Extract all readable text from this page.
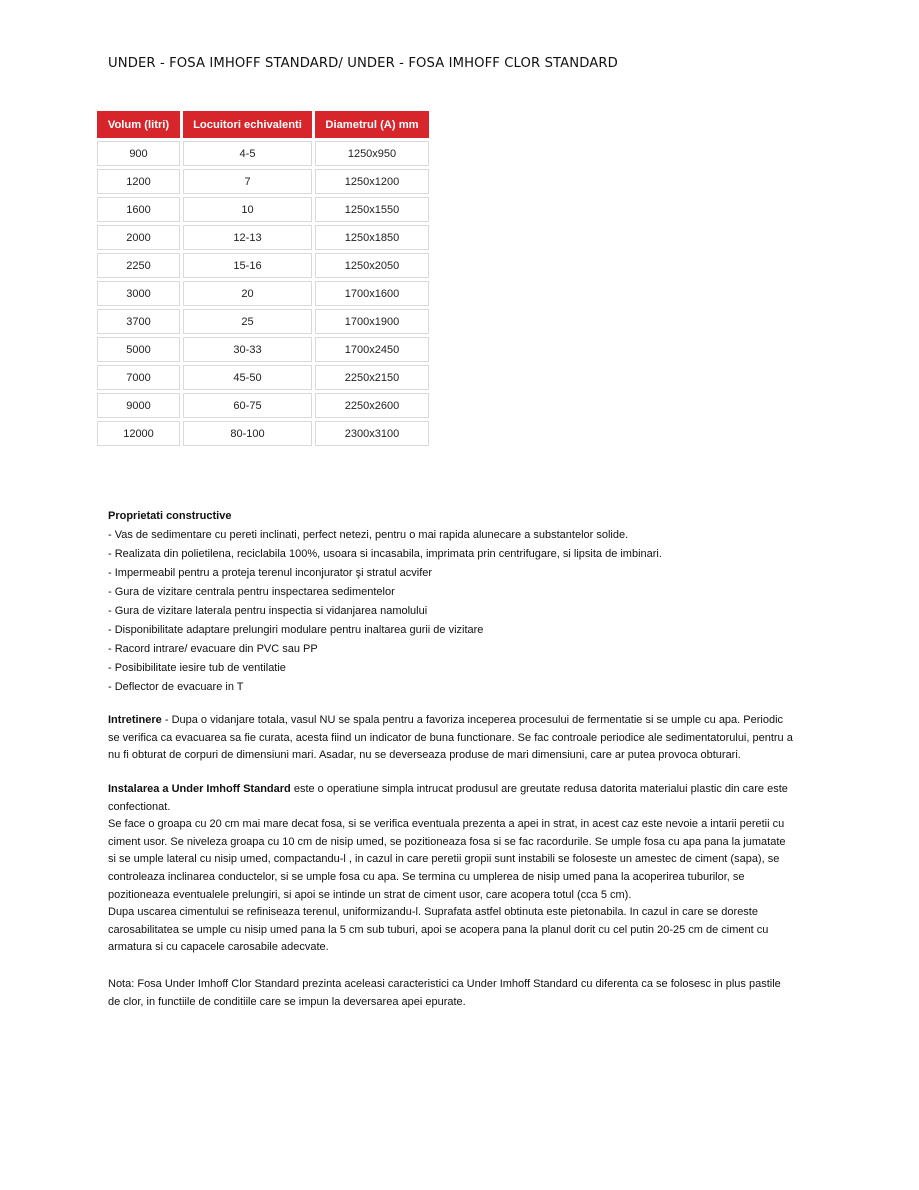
UNDER - FOSA IMHOFF STANDARD/ UNDER - FOSA IMHOFF CLOR STANDARD
Volum (litri)	Locuitori echivalenti	Diametrul (A) mm
900	4-5	1250x950
1200	7	1250x1200
1600	10	1250x1550
2000	12-13	1250x1850
2250	15-16	1250x2050
3000	20	1700x1600
3700	25	1700x1900
5000	30-33	1700x2450
7000	45-50	2250x2150
9000	60-75	2250x2600
12000	80-100	2300x3100
Proprietati constructive
- Vas de sedimentare cu pereti inclinati, perfect netezi, pentru o mai rapida alunecare a substantelor solide.
- Realizata din polietilena, reciclabila 100%, usoara si incasabila, imprimata prin centrifugare, si lipsita de imbinari.
- Impermeabil pentru a proteja terenul inconjurator şi stratul acvifer
- Gura de vizitare centrala pentru inspectarea sedimentelor
- Gura de vizitare laterala pentru inspectia si vidanjarea namolului
- Disponibilitate adaptare prelungiri modulare pentru inaltarea gurii de vizitare
- Racord intrare/ evacuare din PVC sau PP
- Posibibilitate iesire tub de ventilatie
- Deflector de evacuare in T
Intretinere - Dupa o vidanjare totala, vasul NU se spala pentru a favoriza inceperea procesului de fermentatie si se umple cu apa. Periodic
se verifica ca evacuarea sa fie curata, acesta fiind un indicator de buna functionare. Se fac controale periodice ale sedimentatorului, pentru a
nu fi obturat de corpuri de dimensiuni mari. Asadar, nu se deverseaza produse de mari dimensiuni, care ar putea provoca obturari.
Instalarea a Under Imhoff Standard este o operatiune simpla intrucat produsul are greutate redusa datorita materialui plastic din care este
confectionat.
Se face o groapa cu 20 cm mai mare decat fosa, si se verifica eventuala prezenta a apei in strat, in acest caz este nevoie a intarii peretii cu
ciment usor. Se niveleza groapa cu 10 cm de nisip umed, se pozitioneaza fosa si se fac racordurile. Se umple fosa cu apa pana la jumatate
si se umple lateral cu nisip umed, compactandu-l , in cazul in care peretii gropii sunt instabili se foloseste un amestec de ciment (sapa), se
controleaza inclinarea conductelor, si se umple fosa cu apa. Se termina cu umplerea de nisip umed pana la acoperirea tuburilor, se
pozitioneaza eventualele prelungiri, si apoi se intinde un strat de ciment usor, care acopera totul (cca 5 cm).
Dupa uscarea cimentului se refiniseaza terenul, uniformizandu-l. Suprafata astfel obtinuta este pietonabila. In cazul in care se doreste
carosabilitatea se umple cu nisip umed pana la 5 cm sub tuburi, apoi se acopera pana la planul dorit cu cel putin 20-25 cm de ciment cu
armatura si cu capacele carosabile adecvate.
Nota: Fosa Under Imhoff Clor Standard prezinta aceleasi caracteristici ca Under Imhoff Standard cu diferenta ca se folosesc in plus pastile
de clor, in functiile de conditiile care se impun la deversarea apei epurate.
